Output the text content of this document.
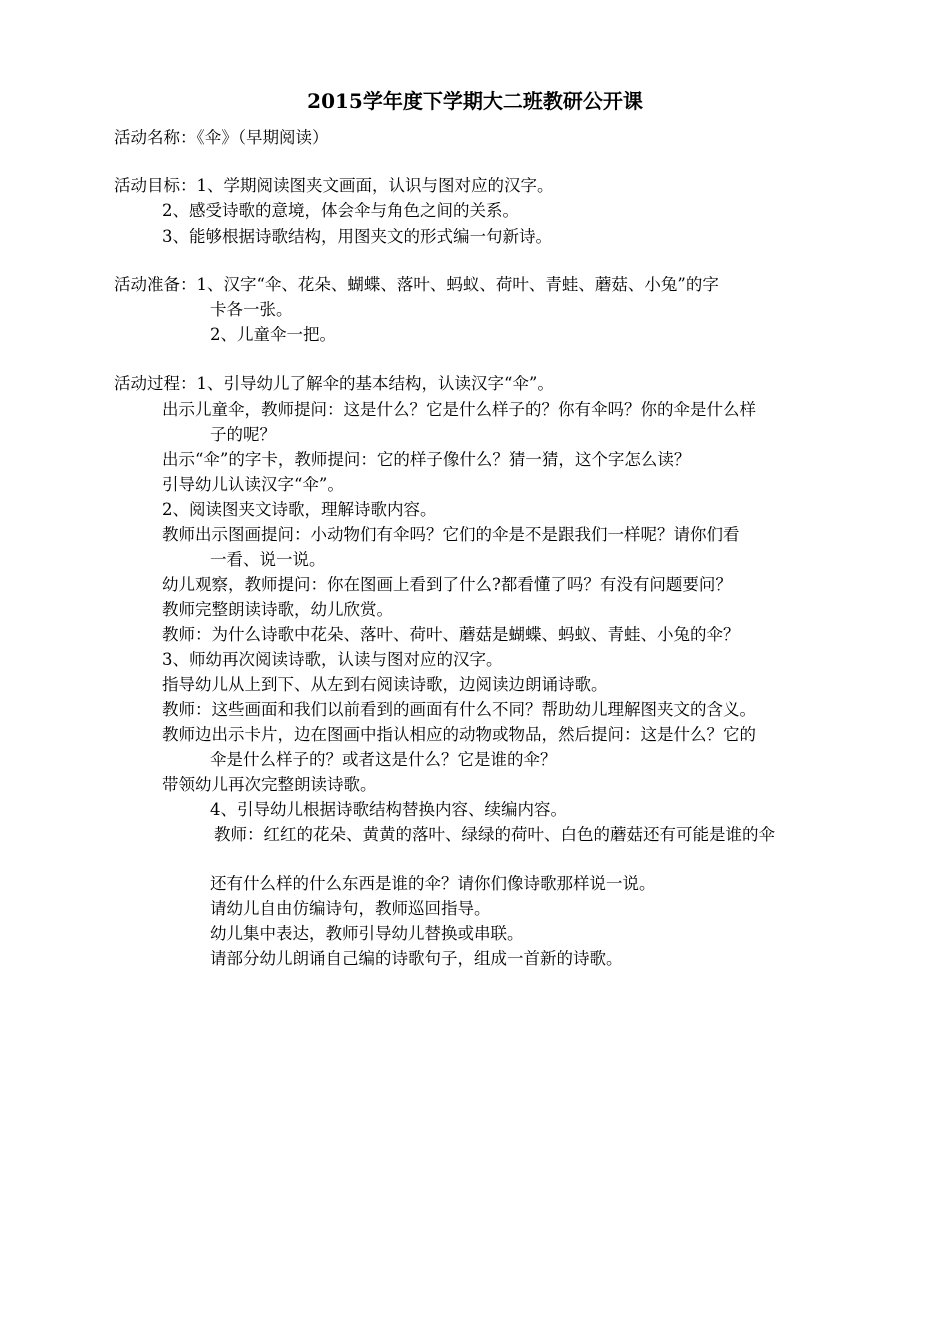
2015学年度下学期大二班教研公开课
活动名称：《伞》（早期阅读）
活动目标：1、学期阅读图夹文画面，认识与图对应的汉字。
2、感受诗歌的意境，体会伞与角色之间的关系。
3、能够根据诗歌结构，用图夹文的形式编一句新诗。
活动准备：1、汉字“伞、花朵、蝴蝶、落叶、蚂蚁、荷叶、青蛙、蘑菇、小兔”的字
卡各一张。
2、儿童伞一把。
活动过程：1、引导幼儿了解伞的基本结构，认读汉字“伞”。
出示儿童伞，教师提问：这是什么？它是什么样子的？你有伞吗？你的伞是什么样
子的呢？
出示“伞”的字卡，教师提问：它的样子像什么？猜一猜，这个字怎么读？
引导幼儿认读汉字“伞”。
2、阅读图夹文诗歌，理解诗歌内容。
教师出示图画提问：小动物们有伞吗？它们的伞是不是跟我们一样呢？请你们看
一看、说一说。
幼儿观察，教师提问：你在图画上看到了什么?都看懂了吗？有没有问题要问？
教师完整朗读诗歌，幼儿欣赏。
教师：为什么诗歌中花朵、落叶、荷叶、蘑菇是蝴蝶、蚂蚁、青蛙、小兔的伞？
3、师幼再次阅读诗歌，认读与图对应的汉字。
指导幼儿从上到下、从左到右阅读诗歌，边阅读边朗诵诗歌。
教师：这些画面和我们以前看到的画面有什么不同？帮助幼儿理解图夹文的含义。
教师边出示卡片，边在图画中指认相应的动物或物品，然后提问：这是什么？它的
伞是什么样子的？或者这是什么？它是谁的伞？
带领幼儿再次完整朗读诗歌。
4、引导幼儿根据诗歌结构替换内容、续编内容。
教师：红红的花朵、黄黄的落叶、绿绿的荷叶、白色的蘑菇还有可能是谁的伞
还有什么样的什么东西是谁的伞？请你们像诗歌那样说一说。
请幼儿自由仿编诗句，教师巡回指导。
幼儿集中表达，教师引导幼儿替换或串联。
请部分幼儿朗诵自己编的诗歌句子，组成一首新的诗歌。
